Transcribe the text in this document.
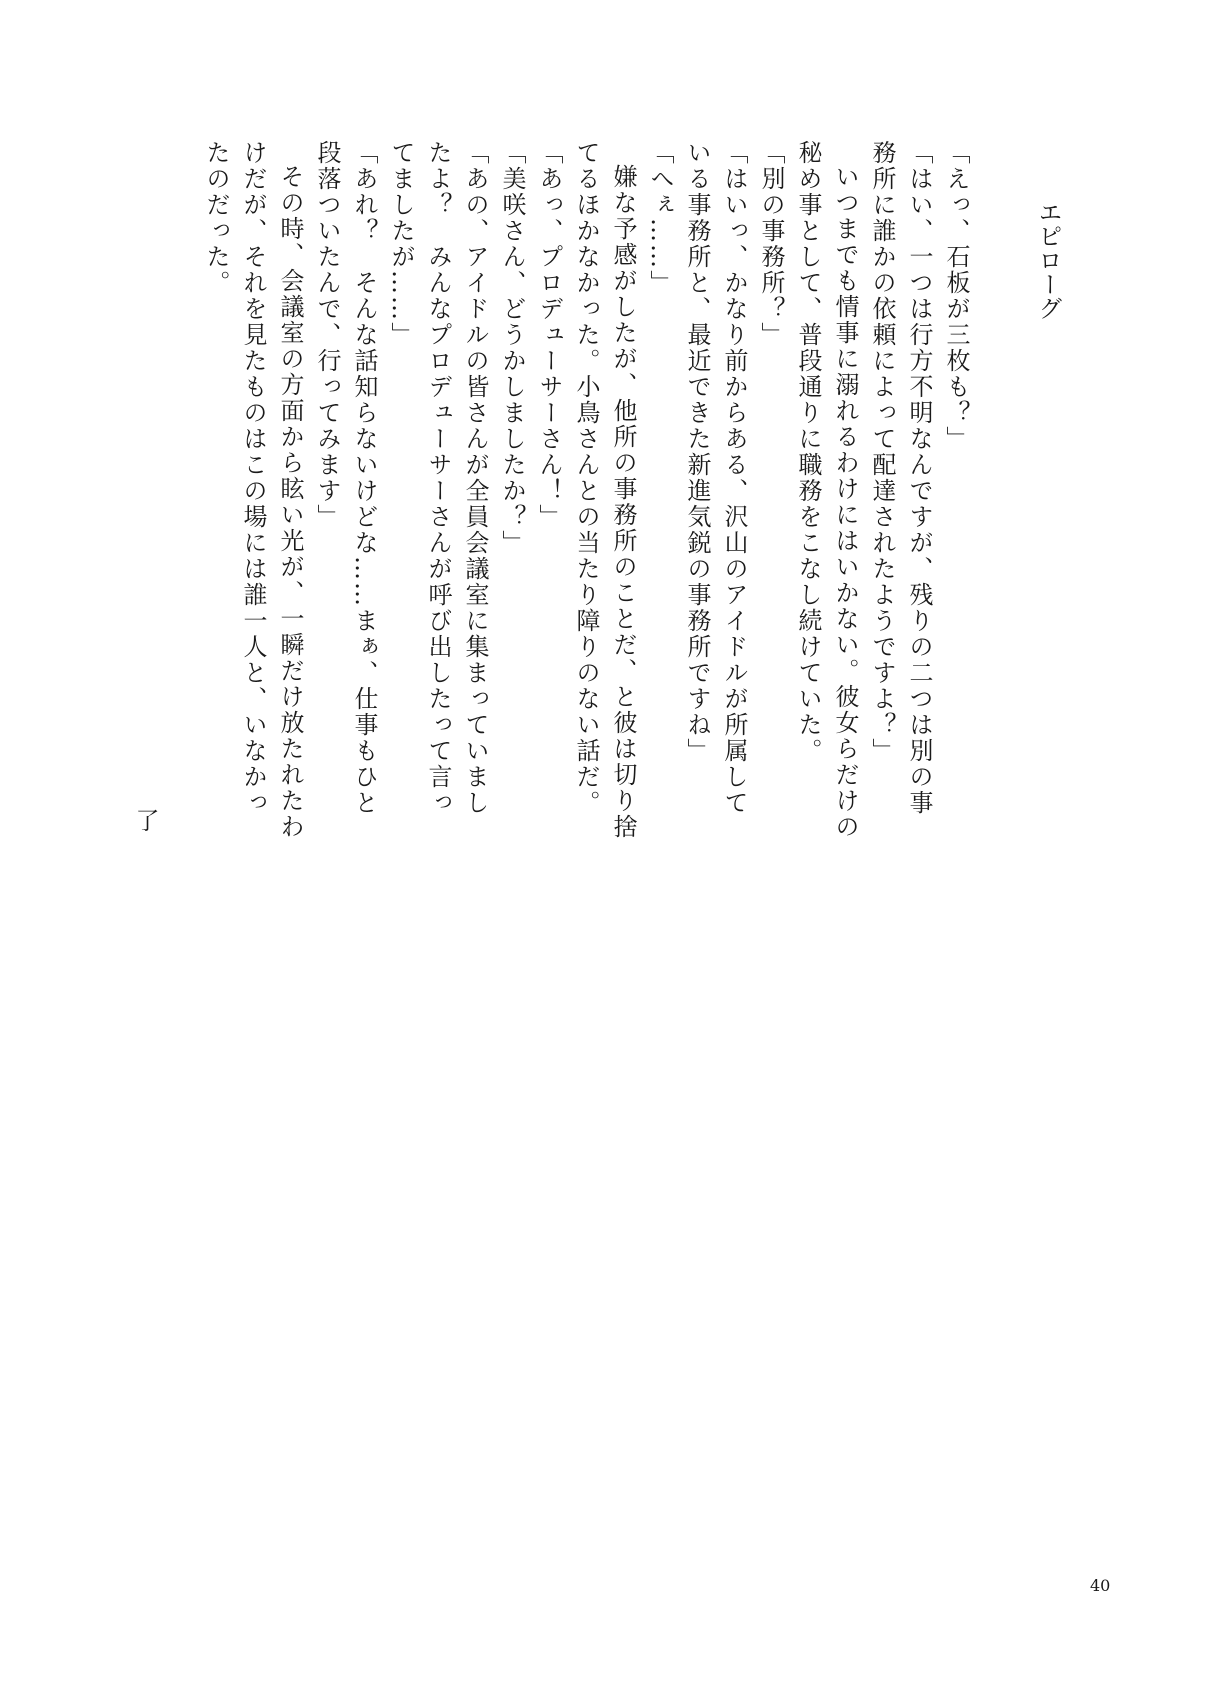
エピローグ

「えっ、石板が三枚も？」

「はい、一つは行方不明なんですが、残りの二つは別の事務所に誰かの依頼によって配達されたようですよ？」

いつまでも情事に溺れるわけにはいかない。彼女らだけの秘め事として、普段通りに職務をこなし続けていた。

「別の事務所？」

「はいっ、かなり前からある、沢山のアイドルが所属している事務所と、最近できた新進気鋭の事務所ですね」

「へぇ……」

嫌な予感がしたが、他所の事務所のことだ、と彼は切り捨てるほかなかった。小鳥さんとの当たり障りのない話だ。

「あっ、プロデューサーさん！」

「美咲さん、どうかしましたか？」

「あの、アイドルの皆さんが全員会議室に集まっていましたよ？　みんなプロデューサーさんが呼び出したって言ってましたが……」

「あれ？　そんな話知らないけどな……まぁ、仕事もひと段落ついたんで、行ってみます」

その時、会議室の方面から眩い光が、一瞬だけ放たれたわけだが、それを見たものはこの場には誰一人と、いなかったのだった。

了
40
